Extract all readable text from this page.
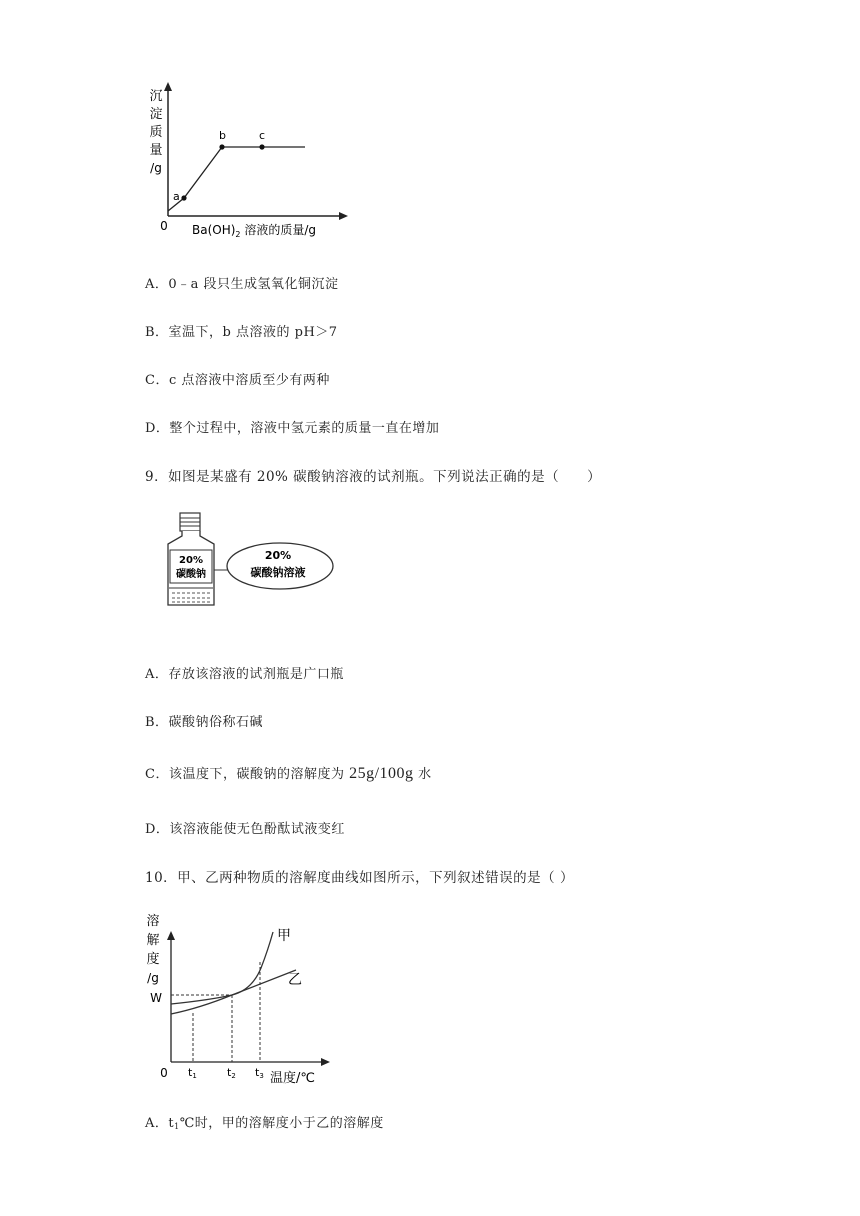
沉
淀
质
量
/g
0 $Ba(OH)_2$ 溶液的质量/g
a
b	c
A．0﹣a 段只生成氢氧化铜沉淀
B．室温下，b 点溶液的 pH＞7
C．c 点溶液中溶质至少有两种
D．整个过程中，溶液中氢元素的质量一直在增加
9．如图是某盛有 20% 碳酸钠溶液的试剂瓶。下列说法正确的是（　　）
20%
碳酸钠
20%
碳酸钠溶液
A．存放该溶液的试剂瓶是广口瓶
B．碳酸钠俗称石碱
C．该温度下，碳酸钠的溶解度为 25g/100g 水
D．该溶液能使无色酚酞试液变红
10．甲、乙两种物质的溶解度曲线如图所示，下列叙述错误的是（ ）
溶
解
度
/g
W
0
甲
乙
t1	t2 t3 温度/℃
A．$t_1℃$时，甲的溶解度小于乙的溶解度
